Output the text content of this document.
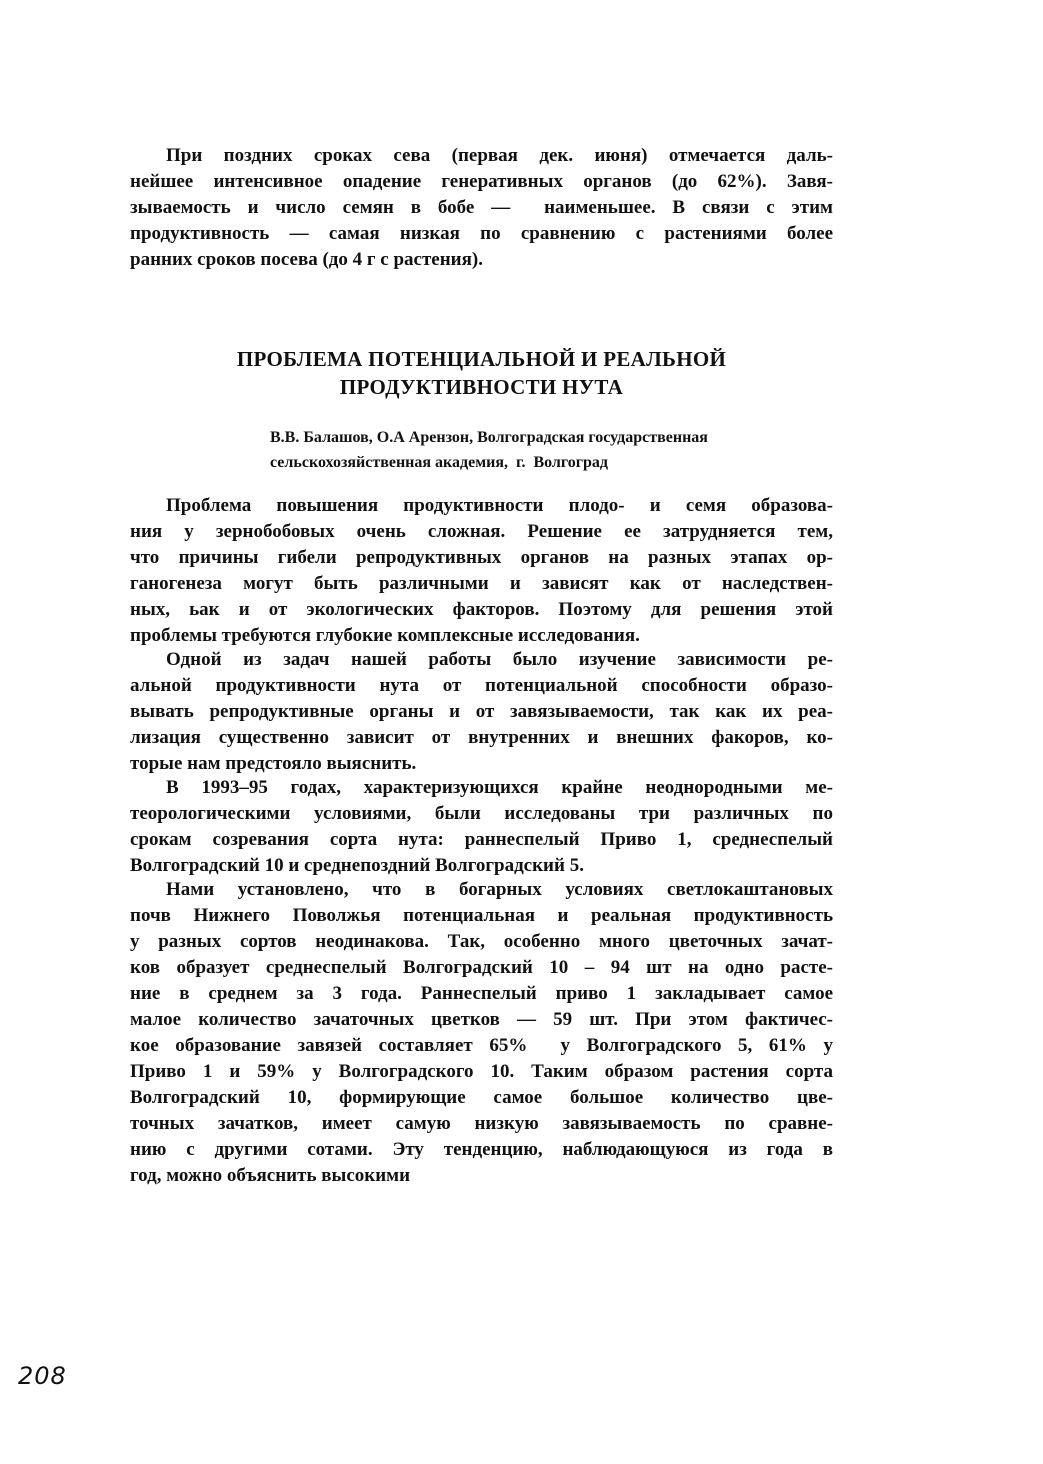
При поздних сроках сева (первая дек. июня) отмечается даль-
нейшее интенсивное опадение генеративных органов (до 62%). Завя-
зываемость и число семян в бобе —  наименьшее. В связи с этим
продуктивность — самая низкая по сравнению с растениями более
ранних сроков посева (до 4 г с растения).
ПРОБЛЕМА ПОТЕНЦИАЛЬНОЙ И РЕАЛЬНОЙ
ПРОДУКТИВНОСТИ НУТА
В.В. Балашов, О.А Арензон, Волгоградская государственная
сельскохозяйственная академия,  г.  Волгоград
Проблема повышения продуктивности плодо- и семя образова-
ния у зернобобовых очень сложная. Решение ее затрудняется тем,
что причины гибели репродуктивных органов на разных этапах ор-
ганогенеза могут быть различными и зависят как от наследствен-
ных, ьак и от экологических факторов. Поэтому для решения этой
проблемы требуются глубокие комплексные исследования.
Одной из задач нашей работы было изучение зависимости ре-
альной продуктивности нута от потенциальной способности образо-
вывать репродуктивные органы и от завязываемости, так как их реа-
лизация существенно зависит от внутренних и внешних факоров, ко-
торые нам предстояло выяснить.
В 1993–95 годах, характеризующихся крайне неоднородными ме-
теорологическими условиями, были исследованы три различных по
срокам созревания сорта нута: раннеспелый Приво 1, среднеспелый
Волгоградский 10 и среднепоздний Волгоградский 5.
Нами установлено, что в богарных условиях светлокаштановых
почв Нижнего Поволжья потенциальная и реальная продуктивность
у разных сортов неодинакова. Так, особенно много цветочных зачат-
ков образует среднеспелый Волгоградский 10 – 94 шт на одно расте-
ние в среднем за 3 года. Раннеспелый приво 1 закладывает самое
малое количество зачаточных цветков — 59 шт. При этом фактичес-
кое образование завязей составляет 65%  у Волгоградского 5, 61% у
Приво 1 и 59% у Волгоградского 10. Таким образом растения сорта
Волгоградский 10, формирующие самое большое количество цве-
точных зачатков, имеет самую низкую завязываемость по сравне-
нию с другими сотами. Эту тенденцию, наблюдающуюся из года в
год, можно объяснить высокими
208
